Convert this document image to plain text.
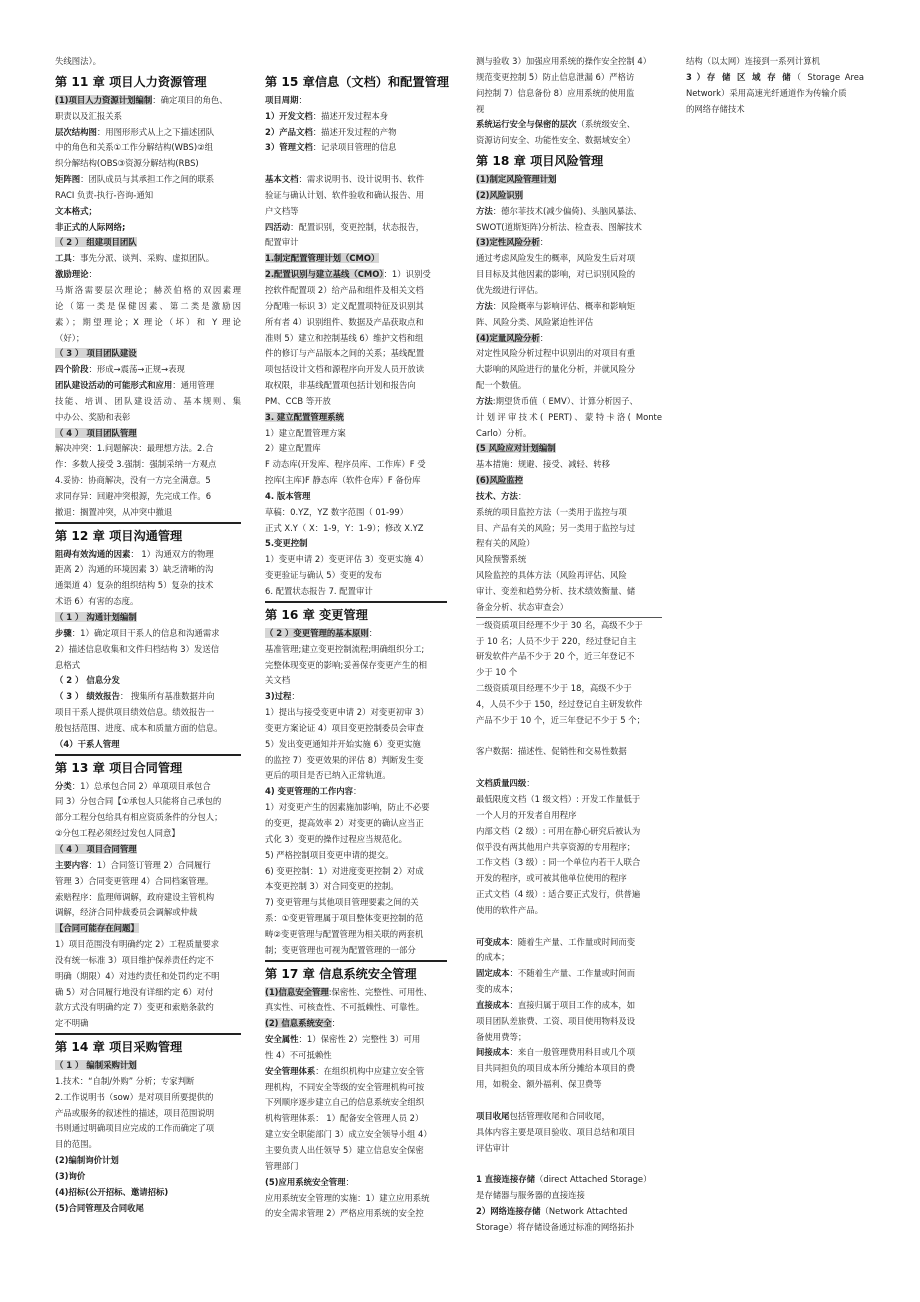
失线图法）。
第 11 章 项目人力资源管理
(1)项目人力资源计划编制：确定项目的角色、
职责以及汇报关系
层次结构图：用图形形式从上之下描述团队
中的角色和关系①工作分解结构(WBS)②组
织分解结构(OBS③资源分解结构(RBS)
矩阵图：团队成员与其承担工作之间的联系
RACI 负责-执行-咨询-通知
文本格式；
非正式的人际网络;
（ 2 ） 组建项目团队
工具：事先分派、谈判、采购、虚拟团队。
激励理论：
马斯洛需要层次理论；赫茨伯格的双因素理
论（第一类是保健因素、第二类是激励因
素）；期望理论；X 理论（坏）和 Y 理论
（好）；
（ 3 ） 项目团队建设
四个阶段：形成→震荡→正规→表现
团队建设活动的可能形式和应用：通用管理
技能、培训、团队建设活动、基本规则、集
中办公、奖励和表彰
（ 4 ） 项目团队管理
解决冲突：1.问题解决：最理想方法。2.合
作：多数人接受 3.强制：强制采纳一方观点
4.妥协：协商解决，没有一方完全满意。5
求同存异：回避冲突根源，先完成工作。6
撤退：搁置冲突，从冲突中撤退
第 12 章 项目沟通管理
阻碍有效沟通的因素： 1）沟通双方的物理
距离 2）沟通的环境因素 3）缺乏清晰的沟
通渠道 4）复杂的组织结构 5）复杂的技术
术语 6）有害的态度。
（ 1 ） 沟通计划编制
步骤：1）确定项目干系人的信息和沟通需求
2）描述信息收集和文件归档结构 3）发送信
息格式
（ 2 ） 信息分发
（ 3 ） 绩效报告： 搜集所有基准数据并向
项目干系人提供项目绩效信息。绩效报告一
般包括范围、进度、成本和质量方面的信息。
（4）干系人管理
第 13 章 项目合同管理
分类：1）总承包合同 2）单项项目承包合
同 3）分包合同【①承包人只能将自己承包的
部分工程分包给具有相应资质条件的分包人；
②分包工程必须经过发包人同意】
（ 4 ） 项目合同管理
主要内容：1）合同签订管理 2）合同履行
管理 3）合同变更管理 4）合同档案管理。
索赔程序：监理师调解，政府建设主管机构
调解，经济合同仲裁委员会调解或仲裁
【合同可能存在问题】
1）项目范围没有明确约定 2）工程质量要求
没有统一标准 3）项目维护保养责任约定不
明确（期限）4）对违约责任和处罚约定不明
确 5）对合同履行地没有详细约定 6）对付
款方式没有明确约定 7）变更和索赔条款约
定不明确
第 14 章 项目采购管理
（ 1 ） 编制采购计划
1.技术：“自制/外购” 分析；专家判断
2.工作说明书（sow）是对项目所要提供的
产品或服务的叙述性的描述，项目范围说明
书则通过明确项目应完成的工作而确定了项
目的范围。
(2)编制询价计划
(3)询价
(4)招标(公开招标、邀请招标)
(5)合同管理及合同收尾
第 15 章信息（文档）和配置管理
项目周期：
1）开发文档：描述开发过程本身
2）产品文档：描述开发过程的产物
3）管理文档：记录项目管理的信息
基本文档：需求说明书、设计说明书、软件
验证与确认计划、软件验收和确认报告、用
户文档等
四活动：配置识别，变更控制，状态报告，
配置审计
1.制定配置管理计划（CMO）
2.配置识别与建立基线（CMO）：1）识别受
控软件配置项 2）给产品和组件及相关文档
分配唯一标识 3）定义配置项特征及识别其
所有者 4）识别组件、数据及产品获取点和
准则 5）建立和控制基线 6）维护文档和组
件的修订与产品版本之间的关系；基线配置
项包括设计文档和源程序向开发人员开放读
取权限，非基线配置项包括计划和报告向
PM、CCB 等开放
3. 建立配置管理系统
1）建立配置管理方案
2）建立配置库
F 动态库(开发库、程序员库、工作库）F 受
控库(主库)F 静态库（软件仓库）F 备份库
4. 版本管理
草稿：0.YZ，YZ 数字范围（ 01-99）
正式 X.Y（ X：1-9，Y：1-9）；修改 X.YZ
5.变更控制
1）变更申请 2）变更评估 3）变更实施 4）
变更验证与确认 5）变更的发布
6. 配置状态报告 7. 配置审计
第 16 章 变更管理
（ 2 ）变更管理的基本原则：
基准管理;建立变更控制流程;明确组织分工;
完整体现变更的影响;妥善保存变更产生的相
关文档
3)过程：
1）提出与接受变更申请 2）对变更初审 3）
变更方案论证 4）项目变更控制委员会审查
5）发出变更通知并开始实施 6）变更实施
的监控 7）变更效果的评估 8）判断发生变
更后的项目是否已纳入正常轨道。
4) 变更管理的工作内容：
1）对变更产生的因素施加影响，防止不必要
的变更，提高效率 2）对变更的确认应当正
式化 3）变更的操作过程应当规范化。
5) 严格控制项目变更申请的提交。
6) 变更控制：1）对进度变更控制 2）对成
本变更控制 3）对合同变更的控制。
7) 变更管理与其他项目管理要素之间的关
系：①变更管理属于项目整体变更控制的范
畴②变更管理与配置管理为相关联的两套机
制；变更管理也可视为配置管理的一部分
第 17 章 信息系统安全管理
(1)信息安全管理:保密性、完整性、可用性、
真实性、可核查性、不可抵赖性、可靠性。
(2) 信息系统安全：
安全属性：1）保密性 2）完整性 3）可用
性 4）不可抵赖性
安全管理体系：在组织机构中应建立安全管
理机构，不同安全等级的安全管理机构可按
下列顺序逐步建立自己的信息系统安全组织
机构管理体系： 1）配备安全管理人员 2）
建立安全职能部门 3）成立安全领导小组 4）
主要负责人出任领导 5）建立信息安全保密
管理部门
(5)应用系统安全管理：
应用系统安全管理的实施：1）建立应用系统
的安全需求管理 2）严格应用系统的安全控
测与验收 3）加强应用系统的操作安全控制 4）
规范变更控制 5）防止信息泄漏 6）严格访
问控制 7）信息备份 8）应用系统的使用监
视
系统运行安全与保密的层次（系统级安全、
资源访问安全、功能性安全、数据域安全）
第 18 章 项目风险管理
(1)制定风险管理计划
(2)风险识别
方法：德尔菲技术(减少偏倚)、头脑风暴法、
SWOT(道斯矩阵)分析法、检查表、图解技术
(3)定性风险分析：
通过考虑风险发生的概率，风险发生后对项
目目标及其他因素的影响，对已识别风险的
优先级进行评估。
方法：风险概率与影响评估、概率和影响矩
阵、风险分类、风险紧迫性评估
(4)定量风险分析：
对定性风险分析过程中识别出的对项目有重
大影响的风险进行的量化分析，并就风险分
配一个数值。
方法:期望货币值（ EMV）、计算分析因子、
计划评审技术( PERT)、蒙特卡洛( Monte
Carlo）分析。
(5 风险应对计划编制
基本措施：规避、接受、减轻、转移
(6)风险监控
技术、方法：
系统的项目监控方法（一类用于监控与项
目、产品有关的风险；另一类用于监控与过
程有关的风险）
风险预警系统
风险监控的具体方法（风险再评估、风险
审计、变差和趋势分析、技术绩效衡量、储
备金分析、状态审查会）
一级资质项目经理不少于 30 名，高级不少于
于 10 名；人员不少于 220，经过登记自主
研发软件产品不少于 20 个，近三年登记不
少于 10 个
二级资质项目经理不少于 18，高级不少于
4，人员不少于 150，经过登记自主研发软件
产品不少于 10 个，近三年登记不少于 5 个；
客户数据：描述性、促销性和交易性数据
文档质量四级：
最低限度文档（1 级文档）: 开发工作量低于
一个人月的开发者自用程序
内部文档（2 级）: 可用在静心研究后被认为
似乎没有两其他用户共享资源的专用程序；
工作文档（3 级）: 同一个单位内若干人联合
开发的程序，或可被其他单位使用的程序
正式文档（4 级）: 适合要正式发行，供普遍
使用的软件产品。
可变成本：随着生产量、工作量或时间而变
的成本；
固定成本：不随着生产量、工作量或时间而
变的成本；
直接成本：直接归属于项目工作的成本，如
项目团队差旅费、工资、项目使用物料及设
备使用费等；
间接成本：来自一般管理费用科目或几个项
目共同担负的项目成本所分摊给本项目的费
用，如税金、额外福利、保卫费等
项目收尾包括管理收尾和合同收尾，
具体内容主要是项目验收、项目总结和项目
评估审计
1 直接连接存储（direct Attached Storage）
是存储器与服务器的直接连接
2）网络连接存储（Network Attachted
Storage）将存储设备通过标准的网络拓扑
结构（以太网）连接到一系列计算机
3 ）存 储 区 域 存 储（ Storage Area
Network）采用高速光纤通道作为传输介质
的网络存储技术
